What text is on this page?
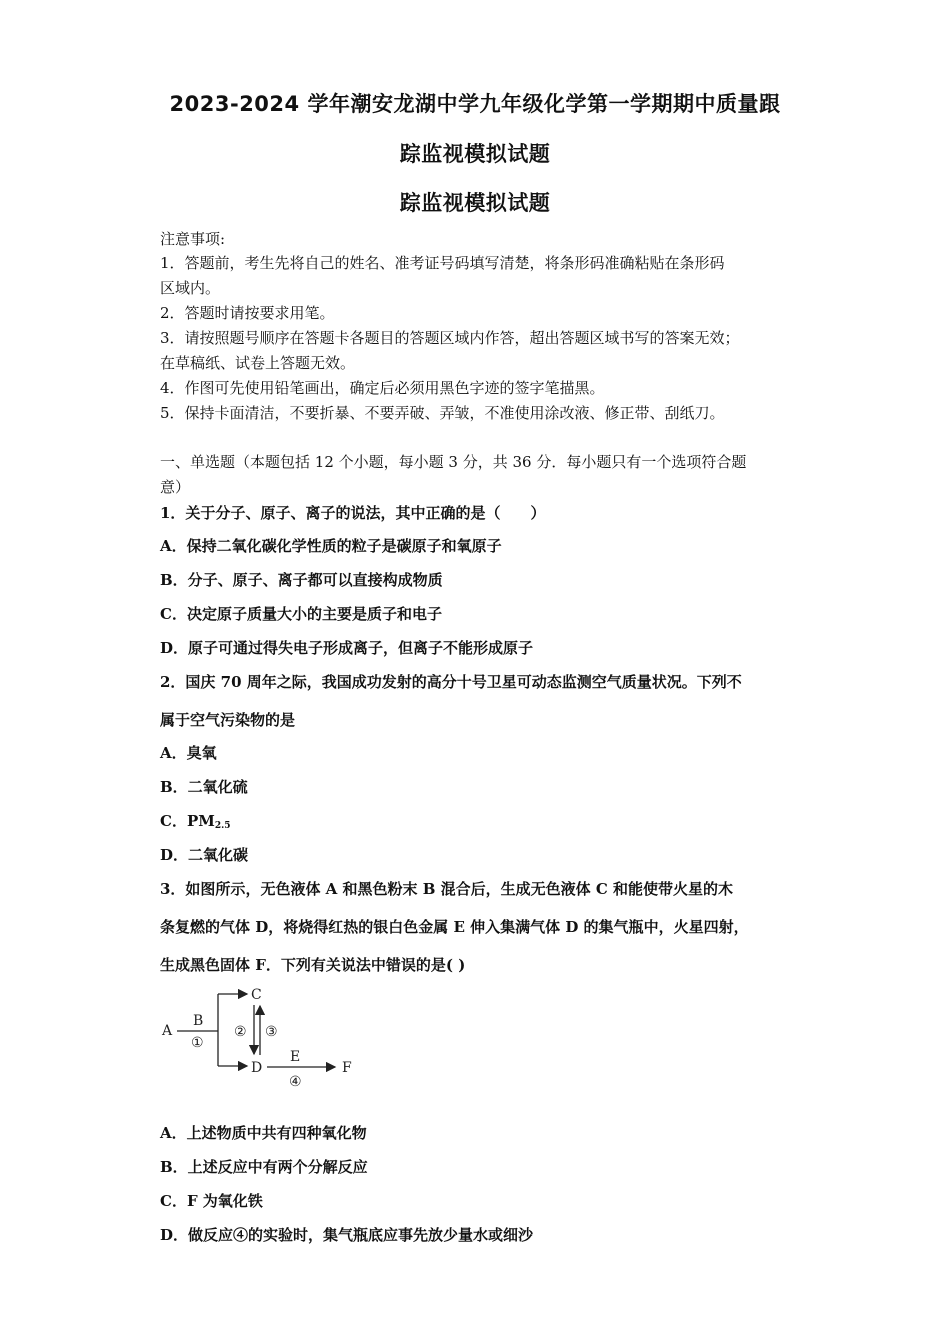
2023-2024 学年潮安龙湖中学九年级化学第一学期期中质量跟
踪监视模拟试题
踪监视模拟试题
注意事项:
1．答题前，考生先将自己的姓名、准考证号码填写清楚，将条形码准确粘贴在条形码
区域内。
2．答题时请按要求用笔。
3．请按照题号顺序在答题卡各题目的答题区域内作答，超出答题区域书写的答案无效；
在草稿纸、试卷上答题无效。
4．作图可先使用铅笔画出，确定后必须用黑色字迹的签字笔描黑。
5．保持卡面清洁，不要折暴、不要弄破、弄皱，不准使用涂改液、修正带、刮纸刀。
一、单选题（本题包括 12 个小题，每小题 3 分，共 36 分．每小题只有一个选项符合题
意）
1．关于分子、原子、离子的说法，其中正确的是（　　）
A．保持二氧化碳化学性质的粒子是碳原子和氧原子
B．分子、原子、离子都可以直接构成物质
C．决定原子质量大小的主要是质子和电子
D．原子可通过得失电子形成离子，但离子不能形成原子
2．国庆 70 周年之际，我国成功发射的高分十号卫星可动态监测空气质量状况。下列不
属于空气污染物的是
A．臭氧
B．二氧化硫
C．$PM_{2.5}$
D．二氧化碳
3．如图所示，无色液体 A 和黑色粉末 B 混合后，生成无色液体 C 和能使带火星的木
条复燃的气体 D，将烧得红热的银白色金属 E 伸入集满气体 D 的集气瓶中，火星四射，
生成黑色固体 F．下列有关说法中错误的是( )
A
B
①
C
D
② ③
E
④
F
A．上述物质中共有四种氧化物
B．上述反应中有两个分解反应
C．F 为氧化铁
D．做反应④的实验时，集气瓶底应事先放少量水或细沙
